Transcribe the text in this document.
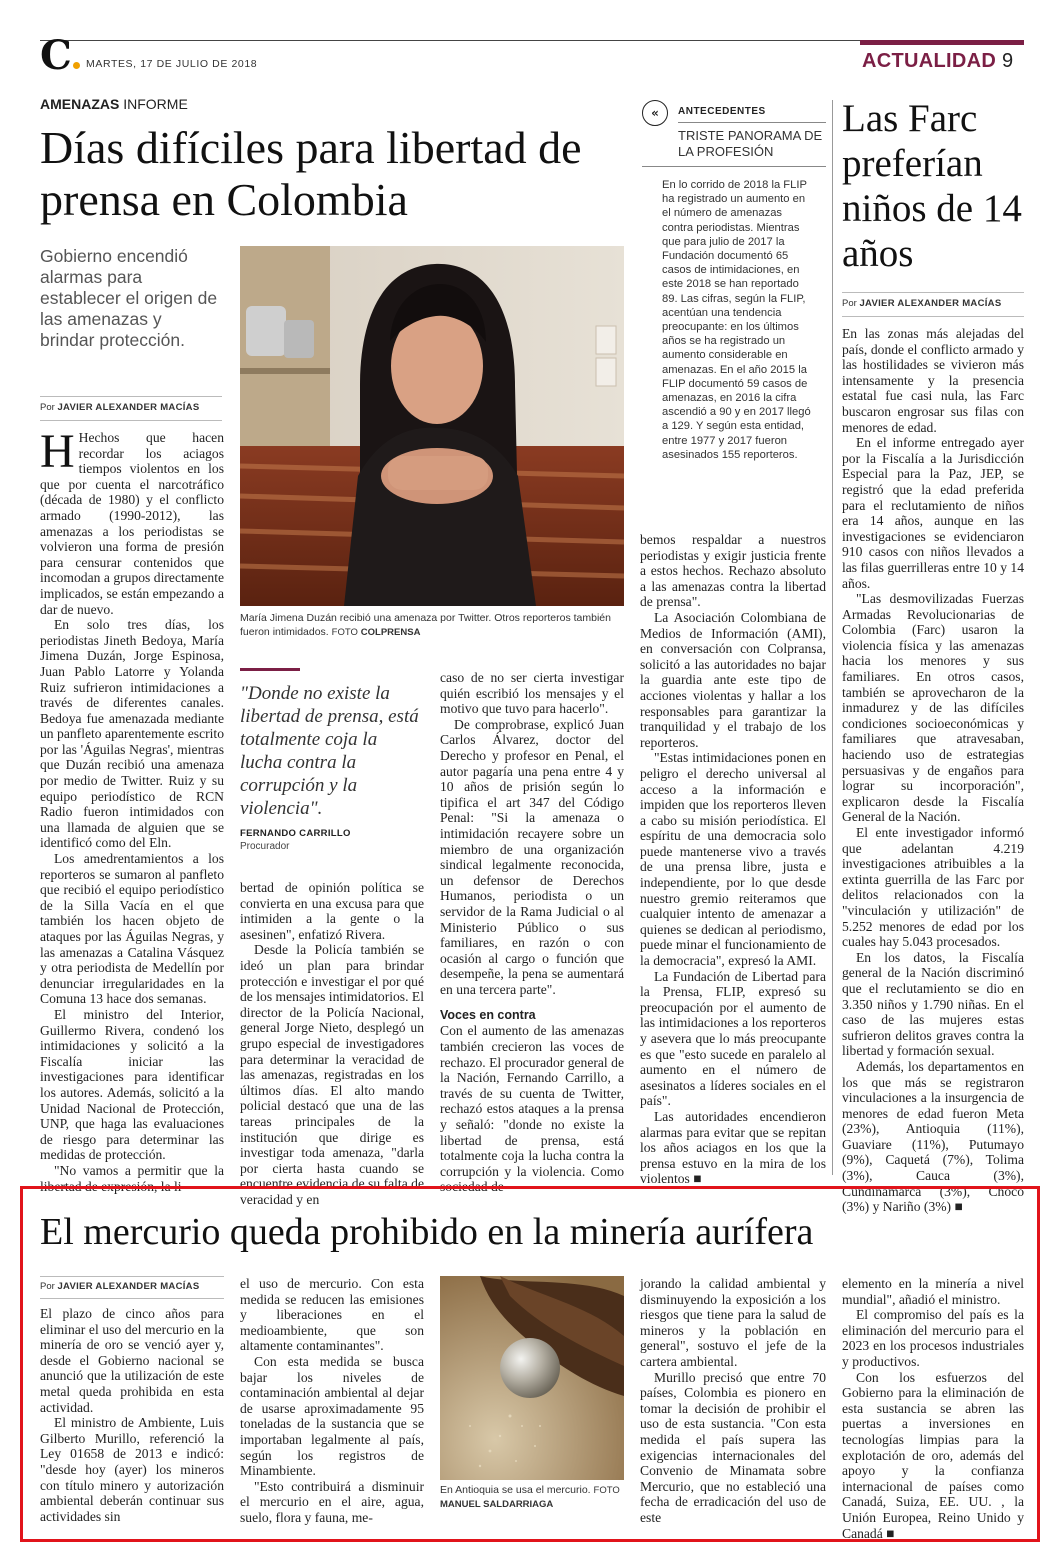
C	MARTES, 17 DE JULIO DE 2018	ACTUALIDAD 9
AMENAZAS INFORME
Días difíciles para libertad de prensa en Colombia
Gobierno encendió alarmas para establecer el origen de las amenazas y brindar protección.
Por JAVIER ALEXANDER MACÍAS
María Jimena Duzán recibió una amenaza por Twitter. Otros reporteros también fueron intimidados. FOTO COLPRENSA

H Hechos que hacen recordar los aciagos tiempos violentos en los que por cuenta el narcotráfico (década de 1980) y el conflicto armado (1990-2012), las amenazas a los periodistas se volvieron una forma de presión para censurar contenidos que incomodan a grupos directamente implicados, se están empezando a dar de nuevo.

En solo tres días, los periodistas Jineth Bedoya, María Jimena Duzán, Jorge Espinosa, Juan Pablo Latorre y Yolanda Ruiz sufrieron intimidaciones a través de diferentes canales. Bedoya fue amenazada mediante un panfleto aparentemente escrito por las 'Águilas Negras', mientras que Duzán recibió una amenaza por medio de Twitter. Ruiz y su equipo periodístico de RCN Radio fueron intimidados con una llamada de alguien que se identificó como del Eln.

Los amedrentamientos a los reporteros se sumaron al panfleto que recibió el equipo periodístico de la Silla Vacía en el que también los hacen objeto de ataques por las Águilas Negras, y las amenazas a Catalina Vásquez y otra periodista de Medellín por denunciar irregularidades en la Comuna 13 hace dos semanas.

El ministro del Interior, Guillermo Rivera, condenó los intimidaciones y solicitó a la Fiscalía iniciar las investigaciones para identificar los autores. Además, solicitó a la Unidad Nacional de Protección, UNP, que haga las evaluaciones de riesgo para determinar las medidas de protección.

"No vamos a permitir que la libertad de expresión, la li-

"Donde no existe la libertad de prensa, está totalmente coja la lucha contra la corrupción y la violencia".
FERNANDO CARRILLO
Procurador

bertad de opinión política se convierta en una excusa para que intimiden a la gente o la asesinen", enfatizó Rivera.

Desde la Policía también se ideó un plan para brindar protección e investigar el por qué de los mensajes intimidatorios. El director de la Policía Nacional, general Jorge Nieto, desplegó un grupo especial de investigadores para determinar la veracidad de las amenazas, registradas en los últimos días. El alto mando policial destacó que una de las tareas principales de la institución que dirige es investigar toda amenaza, "darla por cierta hasta cuando se encuentre evidencia de su falta de veracidad y en

caso de no ser cierta investigar quién escribió los mensajes y el motivo que tuvo para hacerlo".

De comprobrase, explicó Juan Carlos Álvarez, doctor del Derecho y profesor en Penal, el autor pagaría una pena entre 4 y 10 años de prisión según lo tipifica el art 347 del Código Penal: "Si la amenaza o intimidación recayere sobre un miembro de una organización sindical legalmente reconocida, un defensor de Derechos Humanos, periodista o un servidor de la Rama Judicial o al Ministerio Público o sus familiares, en razón o con ocasión al cargo o función que desempeñe, la pena se aumentará en una tercera parte".

Voces en contra

Con el aumento de las amenazas también crecieron las voces de rechazo. El procurador general de la Nación, Fernando Carrillo, a través de su cuenta de Twitter, rechazó estos ataques a la prensa y señaló: "donde no existe la libertad de prensa, está totalmente coja la lucha contra la corrupción y la violencia. Como sociedad de-

«	ANTECEDENTES
TRISTE PANORAMA DE LA PROFESIÓN
En lo corrido de 2018 la FLIP ha registrado un aumento en el número de amenazas contra periodistas. Mientras que para julio de 2017 la Fundación documentó 65 casos de intimidaciones, en este 2018 se han reportado 89. Las cifras, según la FLIP, acentúan una tendencia preocupante: en los últimos años se ha registrado un aumento considerable en amenazas. En el año 2015 la FLIP documentó 59 casos de amenazas, en 2016 la cifra ascendió a 90 y en 2017 llegó a 129. Y según esta entidad, entre 1977 y 2017 fueron asesinados 155 reporteros.

bemos respaldar a nuestros periodistas y exigir justicia frente a estos hechos. Rechazo absoluto a las amenazas contra la libertad de prensa".

La Asociación Colombiana de Medios de Información (AMI), en conversación con Colpransa, solicitó a las autoridades no bajar la guardia ante este tipo de acciones violentas y hallar a los responsables para garantizar la tranquilidad y el trabajo de los reporteros.

"Estas intimidaciones ponen en peligro el derecho universal al acceso a la información e impiden que los reporteros lleven a cabo su misión periodística. El espíritu de una democracia solo puede mantenerse vivo a través de una prensa libre, justa e independiente, por lo que desde nuestro gremio reiteramos que cualquier intento de amenazar a quienes se dedican al periodismo, puede minar el funcionamiento de la democracia", expresó la AMI.

La Fundación de Libertad para la Prensa, FLIP, expresó su preocupación por el aumento de las intimidaciones a los reporteros y asevera que lo más preocupante es que "esto sucede en paralelo al aumento en el número de asesinatos a líderes sociales en el país".

Las autoridades encendieron alarmas para evitar que se repitan los años aciagos en los que la prensa estuvo en la mira de los violentos ■

Las Farc preferían niños de 14 años
Por JAVIER ALEXANDER MACÍAS

En las zonas más alejadas del país, donde el conflicto armado y las hostilidades se vivieron más intensamente y la presencia estatal fue casi nula, las Farc buscaron engrosar sus filas con menores de edad.

En el informe entregado ayer por la Fiscalía a la Jurisdicción Especial para la Paz, JEP, se registró que la edad preferida para el reclutamiento de niños era 14 años, aunque en las investigaciones se evidenciaron 910 casos con niños llevados a las filas guerrilleras entre 10 y 14 años.

"Las desmovilizadas Fuerzas Armadas Revolucionarias de Colombia (Farc) usaron la violencia física y las amenazas hacia los menores y sus familiares. En otros casos, también se aprovecharon de la inmadurez y de las difíciles condiciones socioeconómicas y familiares que atravesaban, haciendo uso de estrategias persuasivas y de engaños para lograr su incorporación", explicaron desde la Fiscalía General de la Nación.

El ente investigador informó que adelantan 4.219 investigaciones atribuibles a la extinta guerrilla de las Farc por delitos relacionados con la "vinculación y utilización" de 5.252 menores de edad por los cuales hay 5.043 procesados.

En los datos, la Fiscalía general de la Nación discriminó que el reclutamiento se dio en 3.350 niños y 1.790 niñas. En el caso de las mujeres estas sufrieron delitos graves contra la libertad y formación sexual.

Además, los departamentos en los que más se registraron vinculaciones a la insurgencia de menores de edad fueron Meta (23%), Antioquia (11%), Guaviare (11%), Putumayo (9%), Caquetá (7%), Tolima (3%), Cauca (3%), Cundinamarca (3%), Chocó (3%) y Nariño (3%) ■

El mercurio queda prohibido en la minería aurífera
Por JAVIER ALEXANDER MACÍAS

El plazo de cinco años para eliminar el uso del mercurio en la minería de oro se venció ayer y, desde el Gobierno nacional se anunció que la utilización de este metal queda prohibida en esta actividad.

El ministro de Ambiente, Luis Gilberto Murillo, referenció la Ley 01658 de 2013 e indicó: "desde hoy (ayer) los mineros con título minero y autorización ambiental deberán continuar sus actividades sin

el uso de mercurio. Con esta medida se reducen las emisiones y liberaciones en el medioambiente, que son altamente contaminantes".

Con esta medida se busca bajar los niveles de contaminación ambiental al dejar de usarse aproximadamente 95 toneladas de la sustancia que se importaban legalmente al país, según los registros de Minambiente.

"Esto contribuirá a disminuir el mercurio en el aire, agua, suelo, flora y fauna, me-

En Antioquia se usa el mercurio. FOTO MANUEL SALDARRIAGA

jorando la calidad ambiental y disminuyendo la exposición a los riesgos que tiene para la salud de mineros y la población en general", sostuvo el jefe de la cartera ambiental.

Murillo precisó que entre 70 países, Colombia es pionero en tomar la decisión de prohibir el uso de esta sustancia. "Con esta medida el país supera las exigencias internacionales del Convenio de Minamata sobre Mercurio, que no estableció una fecha de erradicación del uso de este

elemento en la minería a nivel mundial", añadió el ministro.

El compromiso del país es la eliminación del mercurio para el 2023 en los procesos industriales y productivos.

Con los esfuerzos del Gobierno para la eliminación de esta sustancia se abren las puertas a inversiones en tecnologías limpias para la explotación de oro, además del apoyo y la confianza internacional de países como Canadá, Suiza, EE. UU. , la Unión Europea, Reino Unido y Canadá ■
